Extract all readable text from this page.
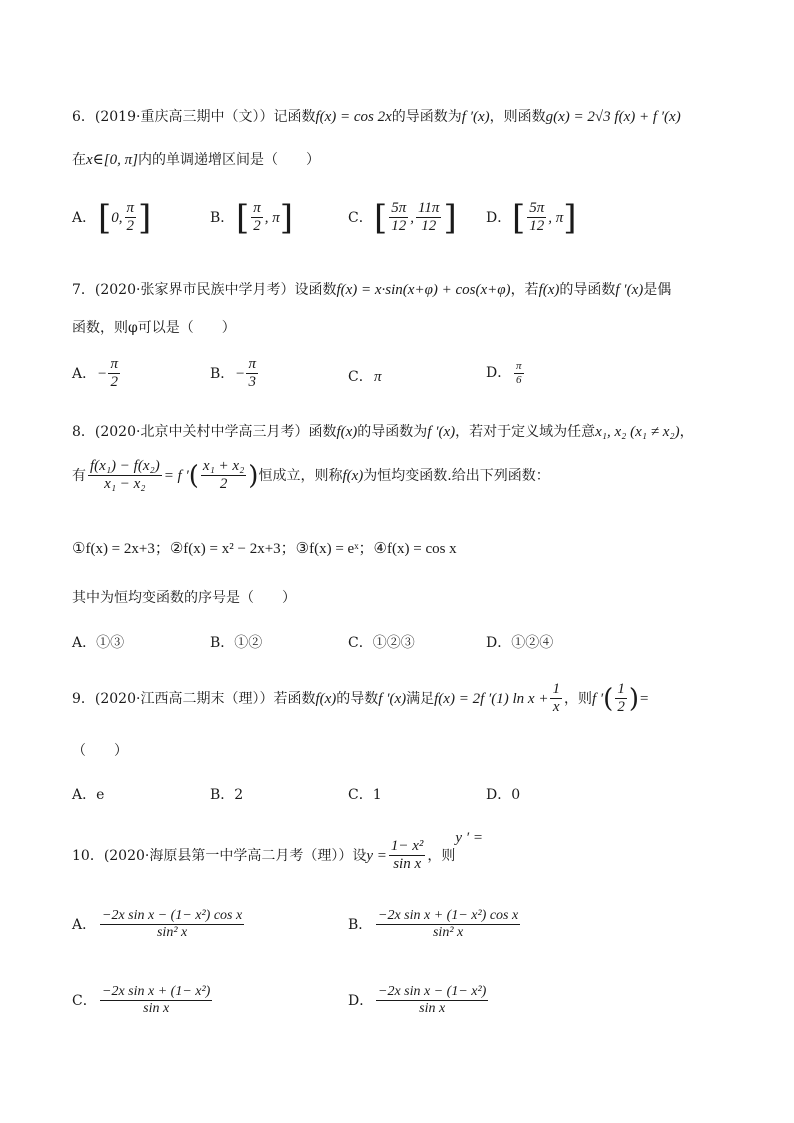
6．(2019·重庆高三期中（文））记函数f(x) = cos 2x的导函数为f ′(x)，则函数g(x) = 2√3 f(x) + f ′(x)
在x∈[0, π]内的单调递增区间是（　　）
A．[0, $\frac{\pi}{2}$ ]	B．[ $\frac{\pi}{2}$ , π]	C．[ $\frac{5\pi}{12}$ , $\frac{11\pi}{12}$ ] D．[ $\frac{5\pi}{12}$ , π]
7．(2020·张家界市民族中学月考）设函数f(x) = x·sin(x+φ) + cos(x+φ)，若f(x)的导函数f ′(x)是偶
函数，则φ可以是（　　）
A． − $\frac{\pi}{2}$	B． − $\frac{\pi}{3}$	C．π	D． $\frac{\pi}{6}$
8．(2020·北京中关村中学高三月考）函数f(x)的导函数为f ′(x)，若对于定义域为任意x₁, x₂ (x₁ ≠ x₂)，
有 $\frac{\text{f(x₁) − f(x₂)}}{\text{x₁ − x₂}} = f$ ′( $\frac{\text{x₁ + x₂}}{2}$ )恒成立，则称f(x)为恒均变函数.给出下列函数：
①f(x) = 2x+3；②f(x) = x² − 2x+3；③f(x) = eˣ；④f(x) = cos x
其中为恒均变函数的序号是（　　）
A．①③	B．①②	C．①②③	D．①②④
9．(2020·江西高二期末（理））若函数f(x)的导数f ′(x)满足f(x) = 2f ′(1) $\ln x + \frac{1}{x}$ ，则f ′( $\frac{1}{2}$ )=
（　　）
A．e	B．2	C．1	D．0
10．(2020·海原县第一中学高二月考（理））设$y = \frac{\text{1− x²}}{\text{sin x}}$ ，则y ′ =
A． $\frac{\text{−2x sin x − (1− x²) cos x}}{\text{sin² x}}$	B． $\frac{\text{−2x sin x + (1− x²) cos x}}{\text{sin² x}}$
C． $\frac{\text{−2x sin x + (1− x²)}}{\text{sin x}}$	D． $\frac{\text{−2x sin x − (1− x²)}}{\text{sin x}}$
